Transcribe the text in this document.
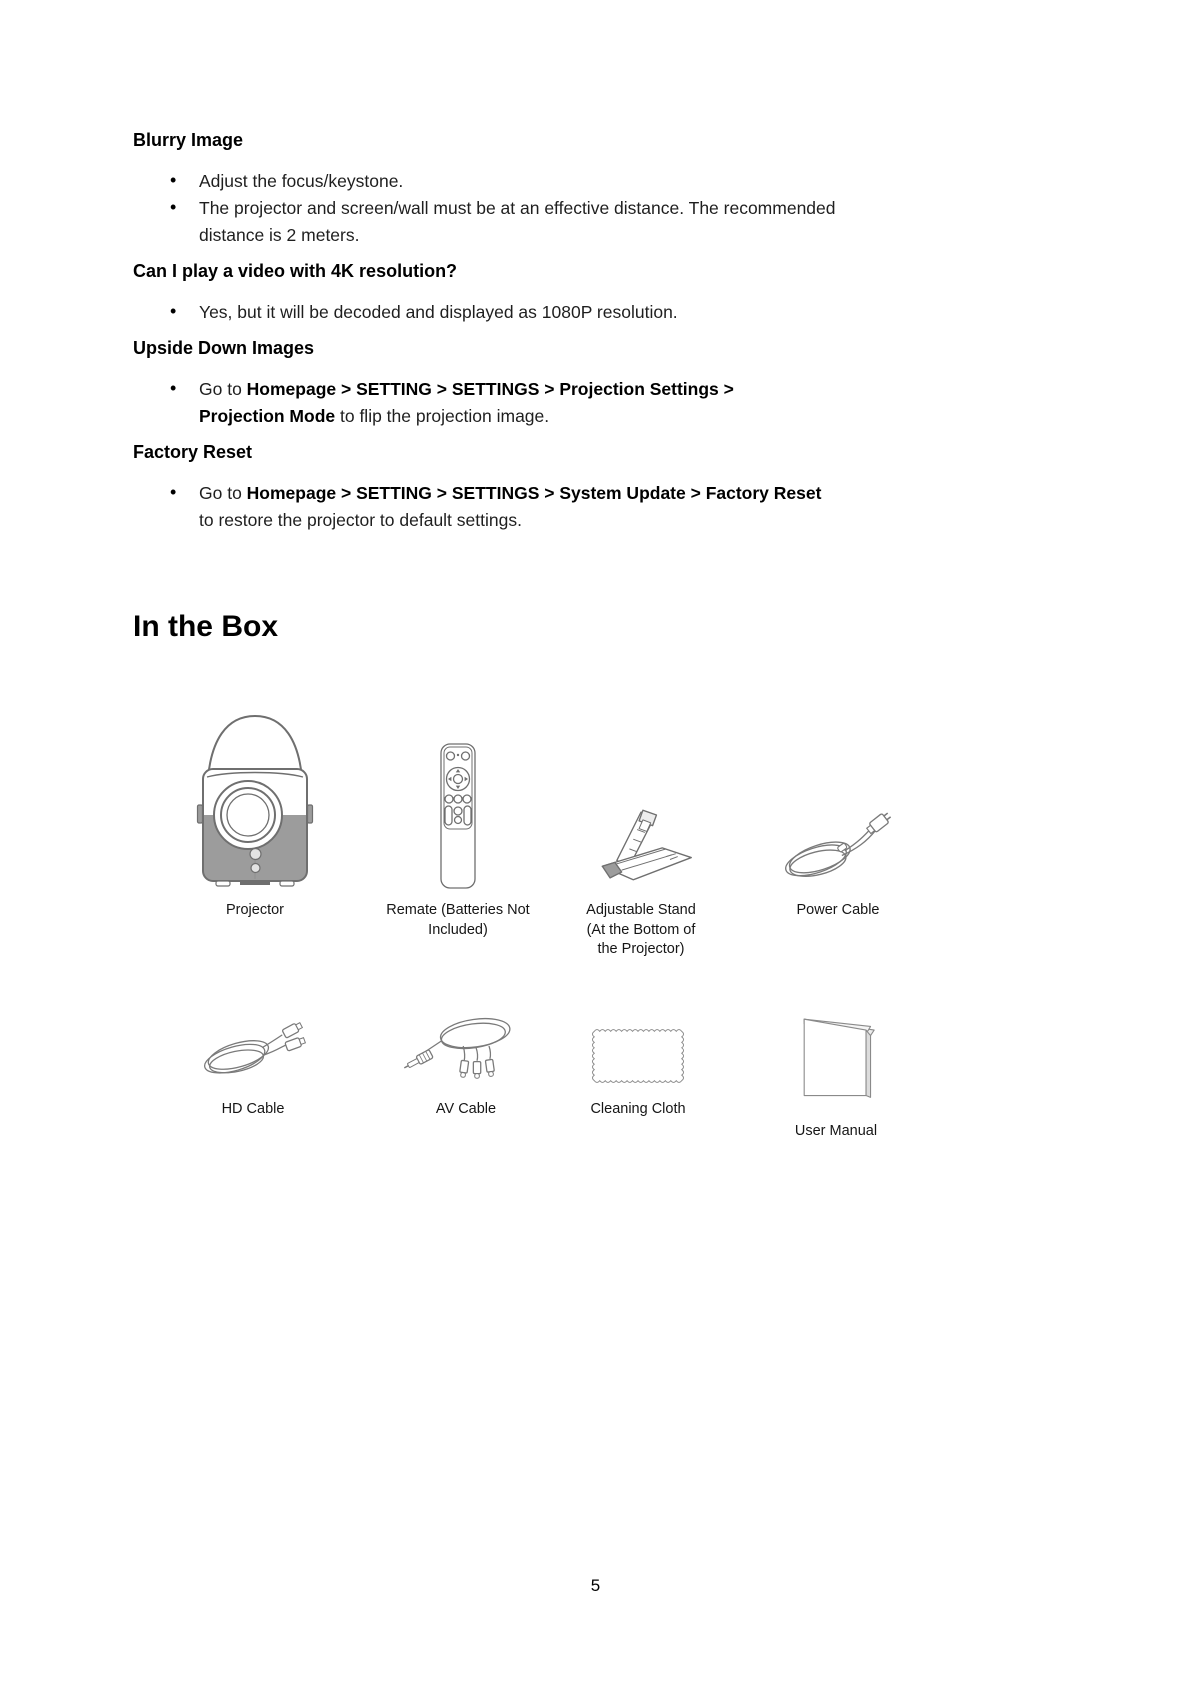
Blurry Image
• Adjust the focus/keystone.
• The projector and screen/wall must be at an effective distance. The recommended
distance is 2 meters.
Can I play a video with 4K resolution?
• Yes, but it will be decoded and displayed as 1080P resolution.
Upside Down Images
• Go to Homepage > SETTING > SETTINGS > Projection Settings >
Projection Mode to flip the projection image.
Factory Reset
• Go to Homepage > SETTING > SETTINGS > System Update > Factory Reset
to restore the projector to default settings.
In the Box
Projector	Remate (Batteries Not Included)
Adjustable Stand (At the Bottom of the Projector)
Power Cable
HD Cable	AV Cable	Cleaning Cloth
User Manual
5
